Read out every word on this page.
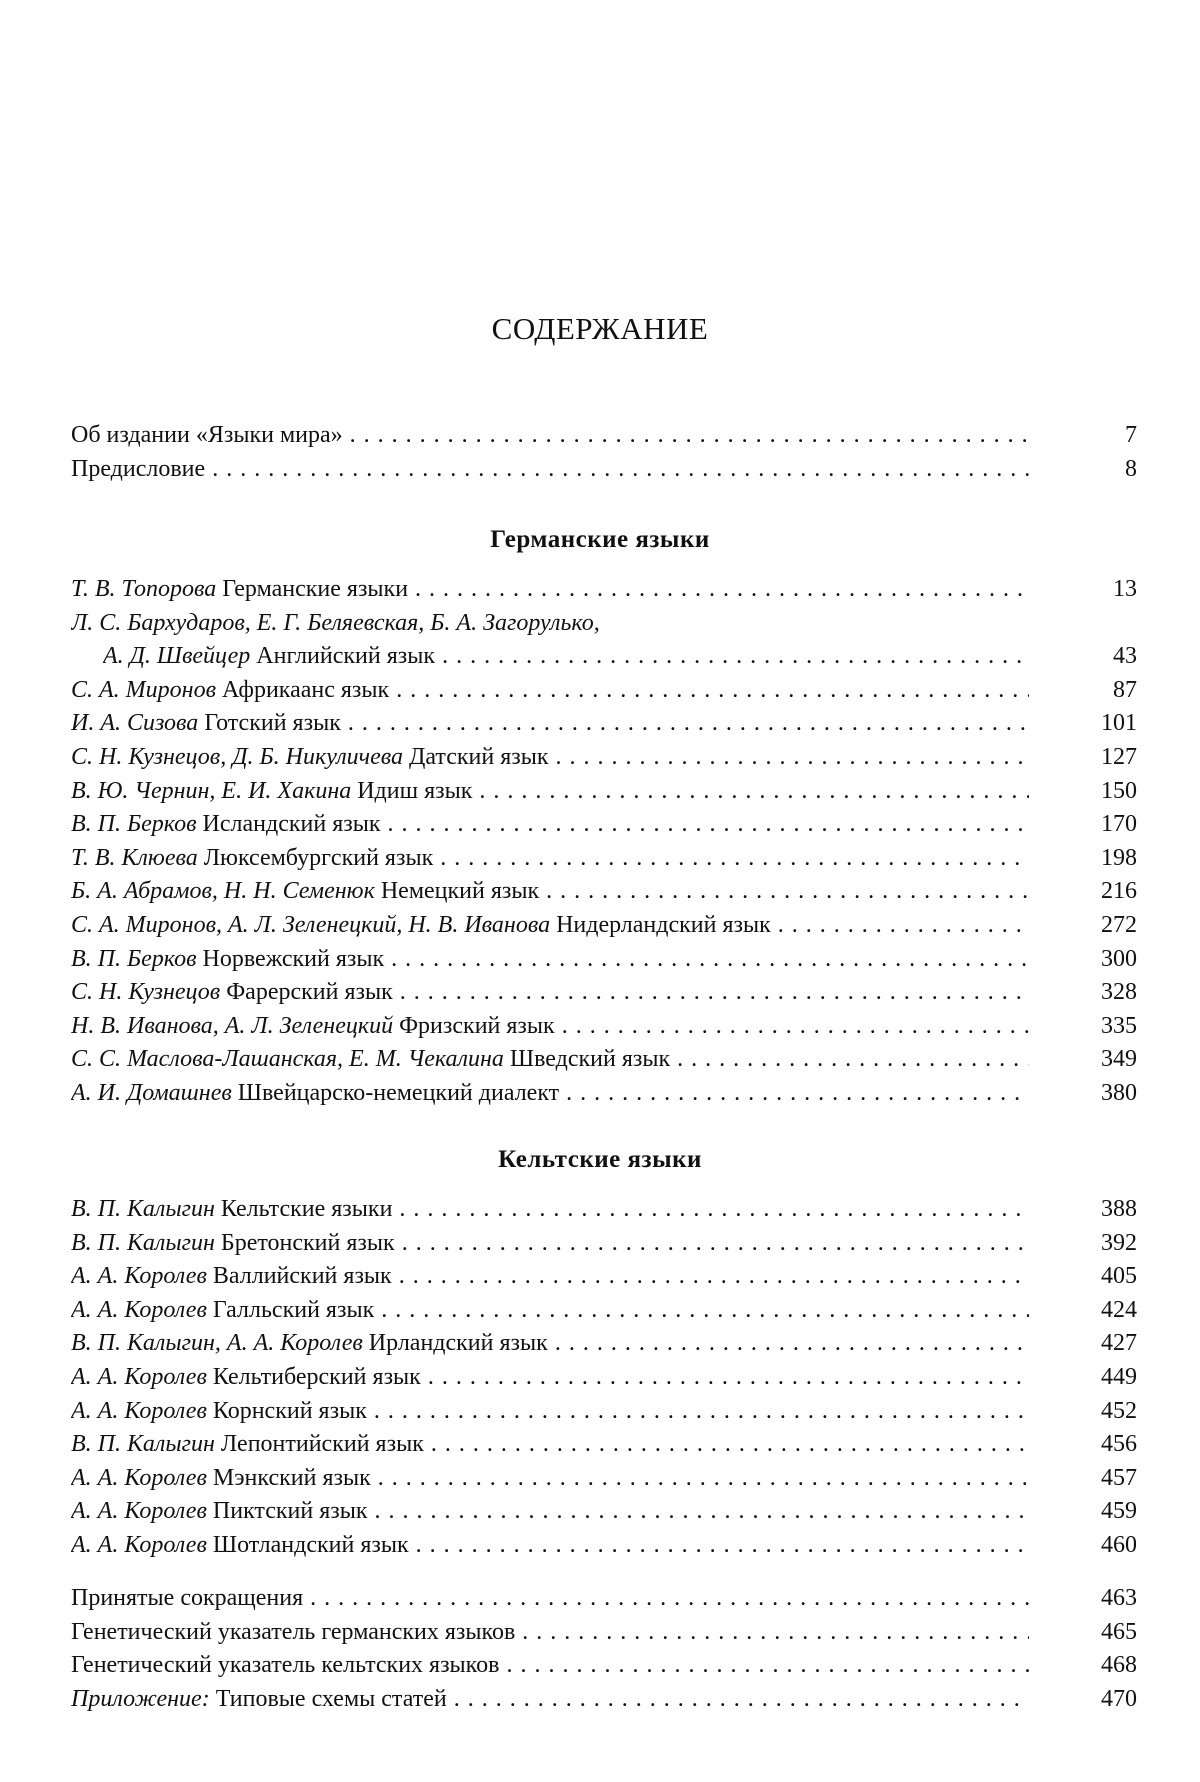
СОДЕРЖАНИЕ
Об издании «Языки мира» . . .	7
Предисловие . . .	8
Германские языки
Т. В. Топорова Германские языки . . .	13
Л. С. Бархударов, Е. Г. Беляевская, Б. А. Загорулько,
А. Д. Швейцер Английский язык . . .	43
С. А. Миронов Африкаанс язык . . .	87
И. А. Сизова Готский язык . . .	101
С. Н. Кузнецов, Д. Б. Никуличева Датский язык . . .	127
В. Ю. Чернин, Е. И. Хакина Идиш язык . . .	150
В. П. Берков Исландский язык . . .	170
Т. В. Клюева Люксембургский язык . . .	198
Б. А. Абрамов, Н. Н. Семенюк Немецкий язык . . .	216
С. А. Миронов, А. Л. Зеленецкий, Н. В. Иванова Нидерландский язык . . .	272
В. П. Берков Норвежский язык . . .	300
С. Н. Кузнецов Фарерский язык . . .	328
Н. В. Иванова, А. Л. Зеленецкий Фризский язык . . .	335
С. С. Маслова-Лашанская, Е. М. Чекалина Шведский язык . . .	349
А. И. Домашнев Швейцарско-немецкий диалект . . .	380
Кельтские языки
В. П. Калыгин Кельтские языки . . .	388
В. П. Калыгин Бретонский язык . . .	392
А. А. Королев Валлийский язык . . .	405
А. А. Королев Галльский язык . . .	424
В. П. Калыгин, А. А. Королев Ирландский язык . . .	427
А. А. Королев Кельтиберский язык . . .	449
А. А. Королев Корнский язык . . .	452
В. П. Калыгин Лепонтийский язык . . .	456
А. А. Королев Мэнкский язык . . .	457
А. А. Королев Пиктский язык . . .	459
А. А. Королев Шотландский язык . . .	460
Принятые сокращения . . .	463
Генетический указатель германских языков . . .	465
Генетический указатель кельтских языков . . .	468
Приложение: Типовые схемы статей . . .	470
